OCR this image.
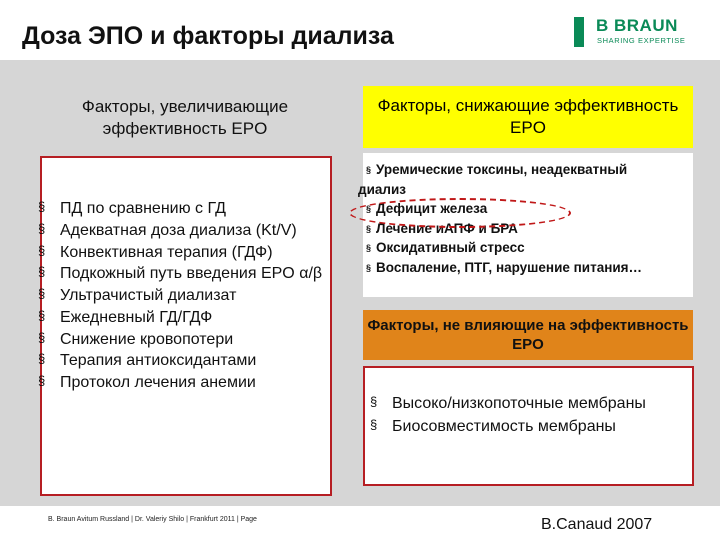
Доза ЭПО и факторы диализа	B BRAUN
SHARING EXPERTISE
Факторы, увеличивающие эффективность EPO
§ ПД по сравнению с ГД
§ Адекватная доза диализа (Kt/V)
§ Конвективная терапия (ГДФ)
§ Подкожный путь введения EPO α/β
§ Ультрачистый диализат
§ Ежедневный ГД/ГДФ
§ Снижение кровопотери
§ Терапия антиоксидантами
§ Протокол лечения анемии
Факторы, снижающие эффективность EPO
§ Уремические токсины, неадекватный
диализ
§ Дефицит железа
§ Лечение иАПФ и БРА
§ Оксидативный стресс
§ Воспаление, ПТГ, нарушение питания…
Факторы, не влияющие на эффективность EPO
§ Высоко/низкопоточные мембраны
§ Биосовместимость мембраны
B. Braun Avitum Russland | Dr. Valeriy Shilo | Frankfurt 2011 | Page	B.Canaud 2007
